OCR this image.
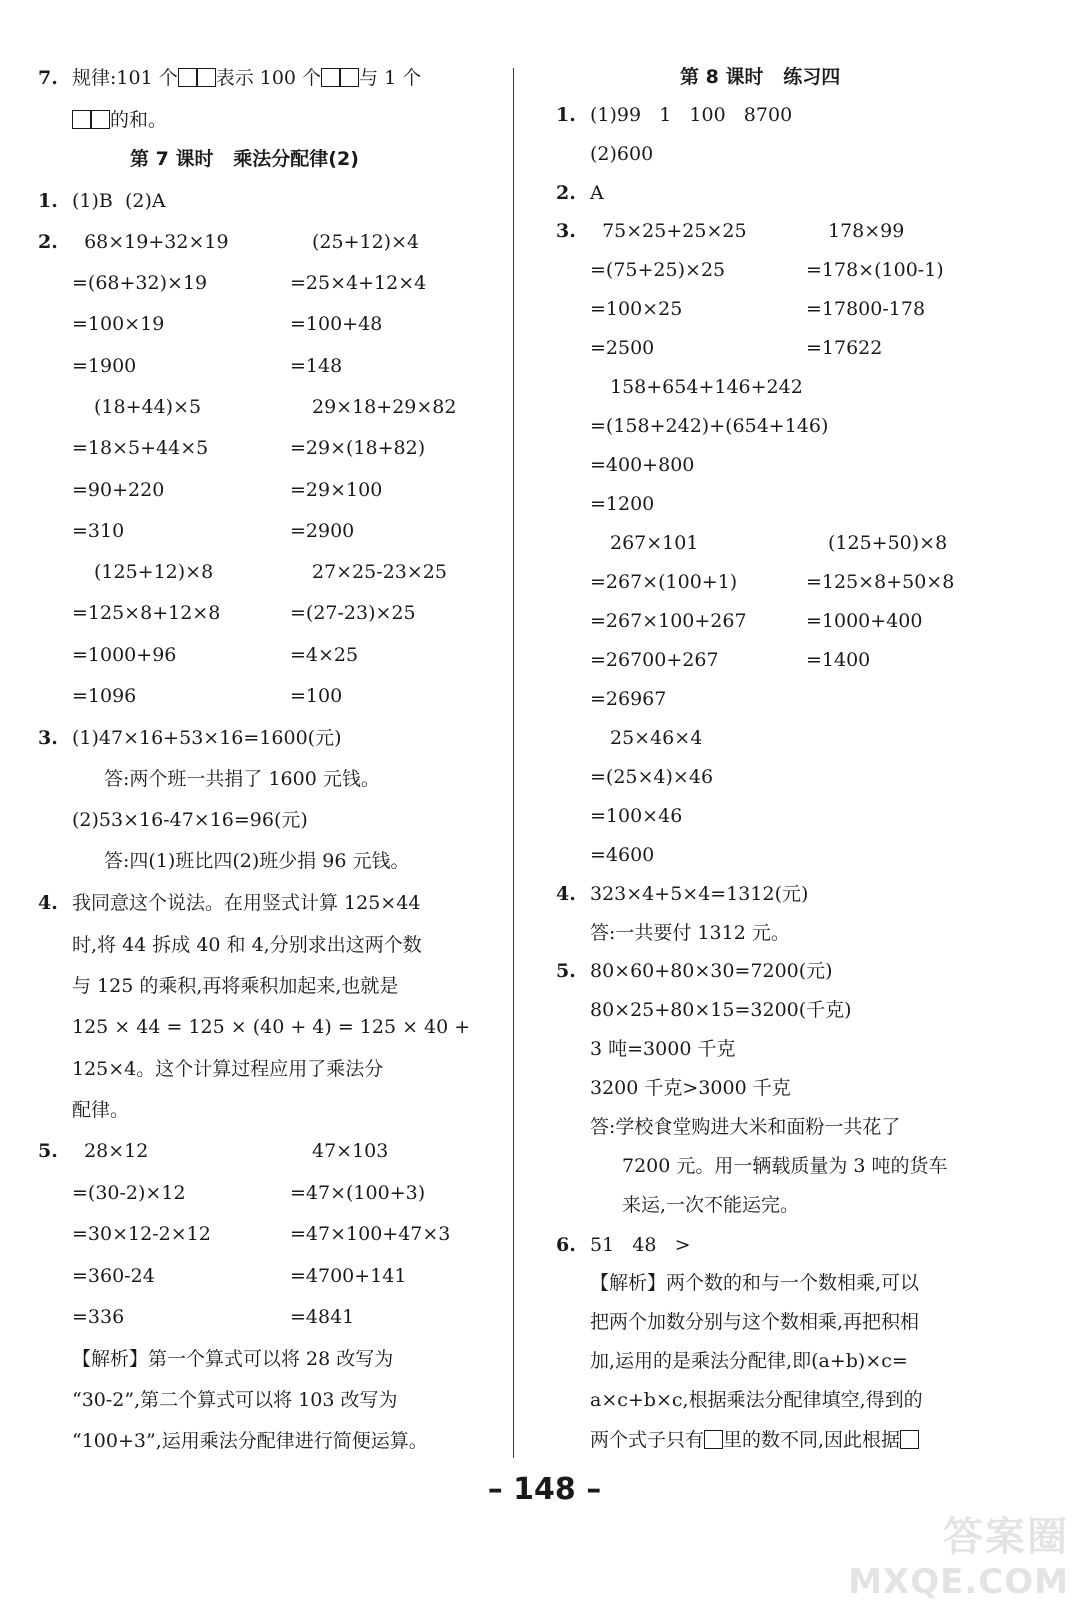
7. 规律:101 个 表示 100 个 与 1 个
的和。
第 7 课时   乘法分配律(2)
1. (1)B  (2)A
2.  68×19+32×19	(25+12)×4
=(68+32)×19	=25×4+12×4
=100×19	=100+48
=1900	=148
(18+44)×5	29×18+29×82
=18×5+44×5	=29×(18+82)
=90+220	=29×100
=310	=2900
(125+12)×8	27×25-23×25
=125×8+12×8	=(27-23)×25
=1000+96	=4×25
=1096	=100
3. (1)47×16+53×16=1600(元)
答:两个班一共捐了 1600 元钱。
(2)53×16-47×16=96(元)
答:四(1)班比四(2)班少捐 96 元钱。
4. 我同意这个说法。在用竖式计算 125×44
时,将 44 拆成 40 和 4,分别求出这两个数
与 125 的乘积,再将乘积加起来,也就是
125 × 44 = 125 × (40 + 4) = 125 × 40 +
125×4。这个计算过程应用了乘法分
配律。
5.  28×12	47×103
=(30-2)×12	=47×(100+3)
=30×12-2×12	=47×100+47×3
=360-24	=4700+141
=336	=4841
【解析】第一个算式可以将 28 改写为
“30-2”,第二个算式可以将 103 改写为
“100+3”,运用乘法分配律进行简便运算。
第 8 课时   练习四
1. (1)99   1   100   8700
(2)600
2. A
3.  75×25+25×25	178×99
=(75+25)×25	=178×(100-1)
=100×25	=17800-178
=2500	=17622
158+654+146+242
=(158+242)+(654+146)
=400+800
=1200
267×101	(125+50)×8
=267×(100+1)	=125×8+50×8
=267×100+267	=1000+400
=26700+267	=1400
=26967
25×46×4
=(25×4)×46
=100×46
=4600
4. 323×4+5×4=1312(元)
答:一共要付 1312 元。
5. 80×60+80×30=7200(元)
80×25+80×15=3200(千克)
3 吨=3000 千克
3200 千克>3000 千克
答:学校食堂购进大米和面粉一共花了
7200 元。用一辆载质量为 3 吨的货车
来运,一次不能运完。
6. 51   48   >
【解析】两个数的和与一个数相乘,可以
把两个加数分别与这个数相乘,再把积相
加,运用的是乘法分配律,即(a+b)×c=
a×c+b×c,根据乘法分配律填空,得到的
两个式子只有 里的数不同,因此根据
– 148 –
答案圈
MXQE.COM
